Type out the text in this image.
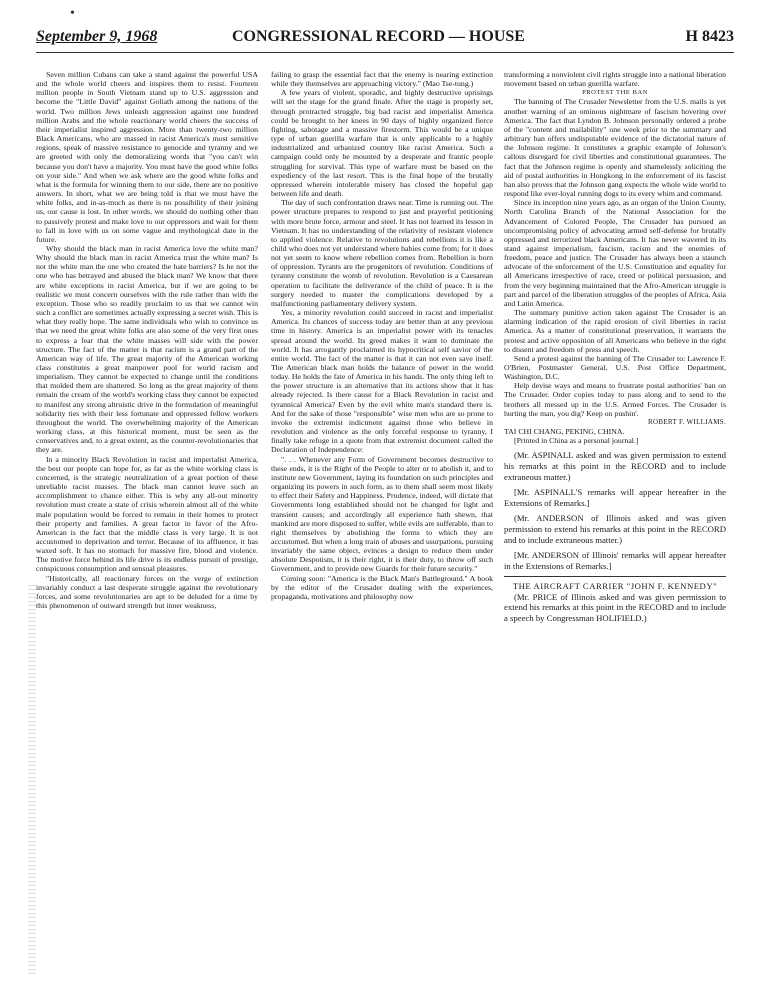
•
September 9, 1968	CONGRESSIONAL RECORD — HOUSE	H 8423

Seven million Cubans can take a stand against the powerful USA and the whole world cheers and inspires them to resist. Fourteen million people in South Vietnam stand up to U.S. aggression and become the "Little David" against Goliath among the nations of the world. Two million Jews unleash aggression against one hundred million Arabs and the whole reactionary world cheers the success of their imperialist inspired aggression. More than twenty-two million Black Americans, who are massed in racist America's most sensitive regions, speak of massive resistance to genocide and tyranny and we are greeted with only the demoralizing words that "you can't win because you don't have a majority. You must have the good white folks on your side." And when we ask where are the good white folks and what is the formula for winning them to our side, there are no positive answers. In short, what we are being told is that we must have the white folks, and in-as-much as there is no possibility of their joining us, our cause is lost. In other words, we should do nothing other than to passively protest and make love to our oppressors and wait for them to fall in love with us on some vague and mythological date in the future.

Why should the black man in racist America love the white man? Why should the black man in racist America trust the white man? Is not the white man the one who created the hate barriers? Is he not the one who has betrayed and abused the black man? We know that there are white exceptions in racist America, but if we are going to be realistic we must concern ourselves with the rule rather than with the exception. Those who so readily proclaim to us that we cannot win such a conflict are sometimes actually expressing a secret wish. This is what they really hope. The same individuals who wish to convince us that we need the great white folks are also some of the very first ones to express a fear that the white masses will side with the power structure. The fact of the matter is that racism is a grand part of the American way of life. The great majority of the American working class constitutes a great manpower pool for world racism and imperialism. They cannot be expected to change until the conditions that molded them are shattered. So long as the great majority of them remain the cream of the world's working class they cannot be expected to manifest any strong altruistic drive in the formulation of meaningful solidarity ties with their less fortunate and oppressed fellow workers throughout the world. The overwhelming majority of the American working class, at this historical moment, must be seen as the conservatives and, to a great extent, as the counter-revolutionaries that they are.

In a minority Black Revolution in racist and imperialist America, the best our people can hope for, as far as the white working class is concerned, is the strategic neutralization of a great portion of these unreliable racist masses. The black man cannot leave such an accomplishment to chance either. This is why any all-out minority revolution must create a state of crisis wherein almost all of the white male population would be forced to remain in their homes to protect their property and families. A great factor in favor of the Afro-American is the fact that the middle class is very large. It is not accustomed to deprivation and terror. Because of its affluence, it has waxed soft. It has no stomach for massive fire, blood and violence. The motive force behind its life drive is its endless pursuit of prestige, conspicuous consumption and sensual pleasures.

"Historically, all reactionary forces on the verge of extinction invariably conduct a last desperate struggle against the revolutionary forces, and some revolutionaries are apt to be deluded for a time by this phenomenon of outward strength but inner weakness,

failing to grasp the essential fact that the enemy is nearing extinction while they themselves are approaching victory." (Mao Tse-tung.)

A few years of violent, sporadic, and highly destructive uprisings will set the stage for the grand finale. After the stage is properly set, through protracted struggle, big bad racist and imperialist America could be brought to her knees in 90 days of highly organized fierce fighting, sabotage and a massive firestorm. This would be a unique type of urban guerilla warfare that is only applicable to a highly industrialized and urbanized country like racist America. Such a campaign could only be mounted by a desperate and frantic people struggling for survival. This type of warfare must be based on the expediency of the last resort. This is the final hope of the brutally oppressed wherein intolerable misery has closed the hopeful gap between life and death.

The day of such confrontation draws near. Time is running out. The power structure prepares to respond to just and prayerful petitioning with more brute force, armour and steel. It has not learned its lesson in Vietnam. It has no understanding of the relativity of resistant violence to applied violence. Relative to revolutions and rebellions it is like a child who does not yet understand where babies come from; for it does not yet seem to know where rebellion comes from. Rebellion is born of oppression. Tyrants are the progenitors of revolution. Conditions of tyranny constitute the womb of revolution. Revolution is a Caesarean operation to facilitate the deliverance of the child of peace. It is the surgery needed to master the complications developed by a malfunctioning parliamentary delivery system.

Yes, a minority revolution could succeed in racist and imperialist America. Its chances of success today are better than at any previous time in history. America is an imperialist power with its tenacles spread around the world. Its greed makes it want to dominate the world. It has arrogantly proclaimed its hypocritical self savior of the entire world. The fact of the matter is that it can not even save itself. The American black man holds the balance of power in the world today. He holds the fate of America in his hands. The only thing left to the power structure is an alternative that its actions show that it has already rejected. Is there cause for a Black Revolution in racist and tyrannical America? Even by the evil white man's standard there is. And for the sake of those "responsible" wise men who are so prone to invoke the extremist indictment against those who believe in revolution and violence as the only forceful response to tyranny, I finally take refuge in a quote from that extremist document called the Declaration of Independence:

". . . Whenever any Form of Government becomes destructive to these ends, it is the Right of the People to alter or to abolish it, and to institute new Government, laying its foundation on such principles and organizing its powers in such form, as to them shall seem most likely to effect their Safety and Happiness. Prudence, indeed, will dictate that Governments long established should not be changed for light and transient causes; and accordingly all experience hath shewn, that mankind are more disposed to suffer, while evils are sufferable, than to right themselves by abolishing the forms to which they are accustomed. But when a long train of abuses and usurpations, pursuing invariably the same object, evinces a design to reduce them under absolute Despotism, it is their right, it is their duty, to throw off such Government, and to provide new Guards for their future security."

Coming soon: "America is the Black Man's Battleground." A book by the editor of the Crusader dealing with the experiences, propaganda, motivations and philosophy now

transforming a nonviolent civil rights struggle into a national liberation movement based on urban guerilla warfare.

PROTEST THE BAN

The banning of The Crusader Newsletter from the U.S. mails is yet another warning of an ominous nightmare of fascism hovering over America. The fact that Lyndon B. Johnson personally ordered a probe of the "content and mailability" one week prior to the summary and arbitrary ban offers undisputable evidence of the dictatorial nature of the Johnson regime. It constitutes a graphic example of Johnson's callous disregard for civil liberties and constitutional guarantees. The fact that the Johnson regime is openly and shamelessly soliciting the aid of postal authorities in Hongkong in the enforcement of its fascist ban also proves that the Johnson gang expects the whole wide world to respond like ever-loyal running dogs to its every whim and command.

Since its inception nine years ago, as an organ of the Union County, North Carolina Branch of the National Association for the Advancement of Colored People, The Crusader has pursued an uncompromising policy of advocating armed self-defense for brutally oppressed and terrorized black Americans. It has never wavered in its stand against imperialism, fascism, racism and the enemies of freedom, peace and justice. The Crusader has always been a staunch advocate of the enforcement of the U.S. Constitution and equality for all Americans irrespective of race, creed or political persuasion, and from the very beginning maintained that the Afro-American struggle is part and parcel of the liberation struggles of the peoples of Africa, Asia and Latin America.

The summary punitive action taken against The Crusader is an alarming indication of the rapid erosion of civil liberties in racist America. As a matter of constitutional preservation, it warrants the protest and active opposition of all Americans who believe in the right to dissent and freedom of press and speech.

Send a protest against the banning of The Crusader to: Lawrence F. O'Brien, Postmaster General, U.S. Post Office Department, Washington, D.C.

Help devise ways and means to frustrate postal authorities' ban on The Crusader. Order copies today to pass along and to send to the brothers all messed up in the U.S. Armed Forces. The Crusader is hurting the man, you dig? Keep on pushin'.

ROBERT F. WILLIAMS.

TAI CHI CHANG, PEKING, CHINA.

[Printed in China as a personal journal.]

(Mr. ASPINALL asked and was given permission to extend his remarks at this point in the RECORD and to include extraneous matter.)

[Mr. ASPINALL'S remarks will appear hereafter in the Extensions of Remarks.]

(Mr. ANDERSON of Illinois asked and was given permission to extend his remarks at this point in the RECORD and to include extraneous matter.)

[Mr. ANDERSON of Illinois' remarks will appear hereafter in the Extensions of Remarks.]

THE AIRCRAFT CARRIER "JOHN F. KENNEDY"

(Mr. PRICE of Illinois asked and was given permission to extend his remarks at this point in the RECORD and to include a speech by Congressman HOLIFIELD.)
